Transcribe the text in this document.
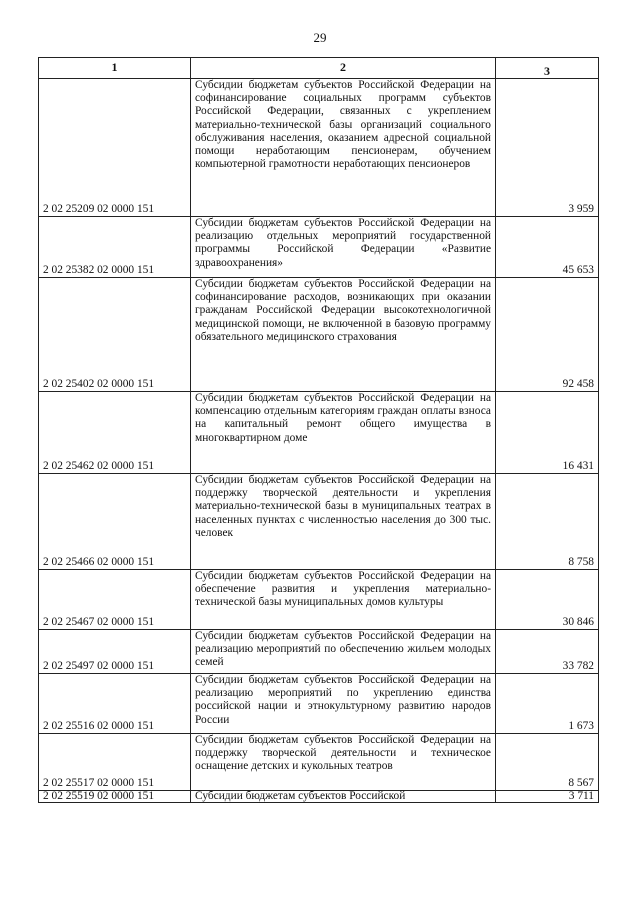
29
1	2	3
2 02 25209 02 0000 151	Субсидии бюджетам субъектов Российской Федерации на софинансирование социальных программ субъектов Российской Федерации, связанных с укреплением материально-технической базы организаций социального обслуживания населения, оказанием адресной социальной помощи неработающим пенсионерам, обучением компьютерной грамотности неработающих пенсионеров	3 959
2 02 25382 02 0000 151	Субсидии бюджетам субъектов Российской Федерации на реализацию отдельных мероприятий государственной программы Российской Федерации «Развитие здравоохранения»	45 653
2 02 25402 02 0000 151	Субсидии бюджетам субъектов Российской Федерации на софинансирование расходов, возникающих при оказании гражданам Российской Федерации высокотехнологичной медицинской помощи, не включенной в базовую программу обязательного медицинского страхования	92 458
2 02 25462 02 0000 151	Субсидии бюджетам субъектов Российской Федерации на компенсацию отдельным категориям граждан оплаты взноса на капитальный ремонт общего имущества в многоквартирном доме	16 431
2 02 25466 02 0000 151	Субсидии бюджетам субъектов Российской Федерации на поддержку творческой деятельности и укрепления материально-технической базы в муниципальных театрах в населенных пунктах с численностью населения до 300 тыс. человек	8 758
2 02 25467 02 0000 151	Субсидии бюджетам субъектов Российской Федерации на обеспечение развития и укрепления материально-технической базы муниципальных домов культуры	30 846
2 02 25497 02 0000 151	Субсидии бюджетам субъектов Российской Федерации на реализацию мероприятий по обеспечению жильем молодых семей	33 782
2 02 25516 02 0000 151	Субсидии бюджетам субъектов Российской Федерации на реализацию мероприятий по укреплению единства российской нации и этнокультурному развитию народов России	1 673
2 02 25517 02 0000 151	Субсидии бюджетам субъектов Российской Федерации на поддержку творческой деятельности и техническое оснащение детских и кукольных театров	8 567
2 02 25519 02 0000 151	Субсидии бюджетам субъектов Российской	3 711
